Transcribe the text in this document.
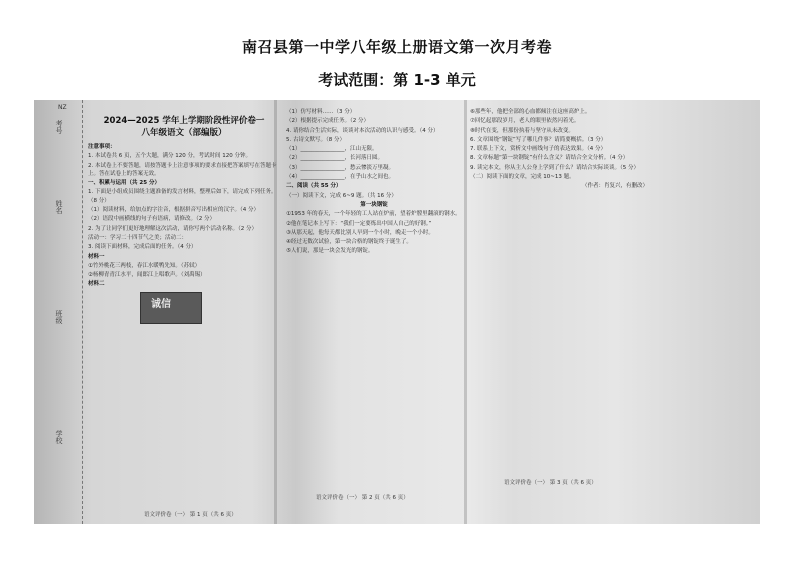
南召县第一中学八年级上册语文第一次月考卷
考试范围：第 1-3 单元
NZ
考号
姓名
班级
学校
2024—2025 学年上学期阶段性评价卷一
八年级语文（部编版）

注意事项：

1. 本试卷共 6 页，五个大题，满分 120 分，考试时间 120 分钟。

2. 本试卷上不要答题，请按答题卡上注意事项的要求直接把答案填写在答题卡上。答在试卷上的答案无效。

一、积累与运用（共 25 分）

1. 下面是小组成员围绕主题准备的发言材料，整理后如下，请完成下列任务。（8 分）

（1）阅读材料，给加点的字注音，根据拼音写出相应的汉字。（4 分）

（2）语段中画横线的句子有语病，请修改。（2 分）

2. 为了让同学们更好地理解这次活动，请你写两个活动名称。（2 分）

活动一：学习二十四节气之美；活动二：

3. 阅读下面材料，完成后面的任务。（4 分）

材料一

①竹外桃花三两枝，春江水暖鸭先知。（苏轼）

②杨柳青青江水平，闻郎江上唱歌声。（刘禹锡）

材料二

诚信
语文评价卷（一） 第 1 页（共 6 页）

（1）仿写材料……（3 分）

（2）根据提示完成任务。（2 分）

4. 请你结合生活实际，谈谈对本次活动的认识与感受。（4 分）

5. 古诗文默写。（8 分）

（1）________________，江山无限。

（2）________________，长河落日圆。

（3）________________，愁云惨淡万里凝。

（4）________________，在乎山水之间也。

二、阅读（共 55 分）

（一）阅读下文，完成 6~9 题。（共 16 分）

第一块钢锭

①1953 年的春天，一个年轻的工人站在炉前，望着炉膛里翻滚的钢水。

②他在笔记本上写下：“我们一定要炼出中国人自己的好钢。”

③从那天起，他每天都比别人早到一个小时，晚走一个小时。

④经过无数次试验，第一块合格的钢锭终于诞生了。

⑤人们说，那是一块会发光的钢锭。

语文评价卷（一） 第 2 页（共 6 页）

⑥那些年，他把全部的心血都倾注在这座高炉上。

⑦回忆起那段岁月，老人的眼里依然闪着光。

⑧时代在变，但那份执着与坚守从未改变。

6. 文章围绕“钢锭”写了哪几件事？请简要概括。（3 分）

7. 联系上下文，赏析文中画线句子的表达效果。（4 分）

8. 文章标题“第一块钢锭”有什么含义？请结合全文分析。（4 分）

9. 读完本文，你从主人公身上学到了什么？请结合实际谈谈。（5 分）

（二）阅读下面的文章，完成 10~13 题。

（作者：肖复兴，有删改）

语文评价卷（一） 第 3 页（共 6 页）
